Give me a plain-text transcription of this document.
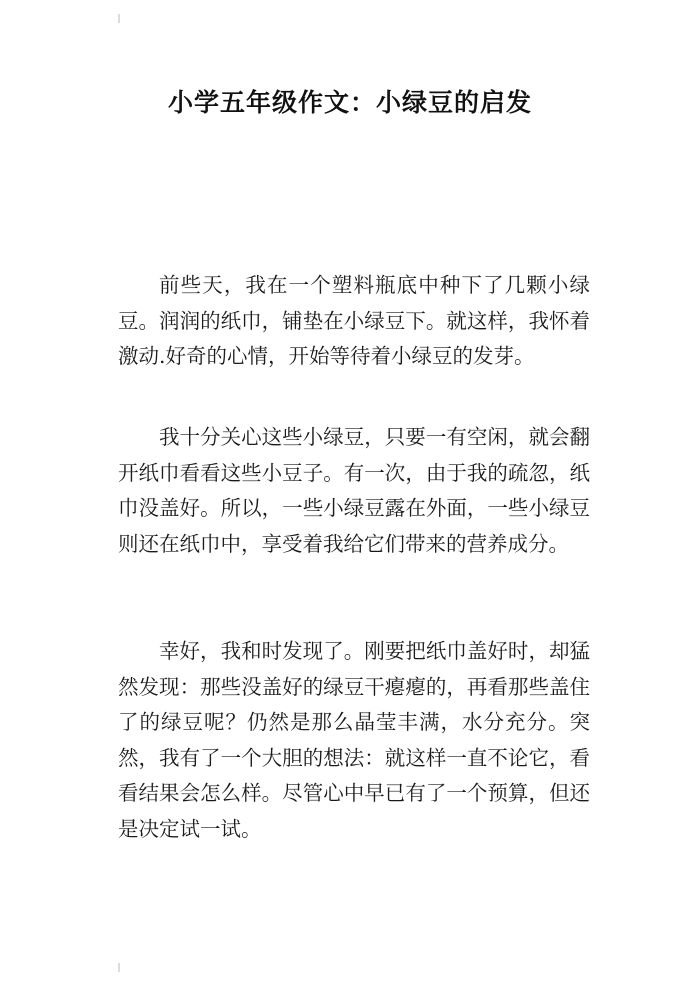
小学五年级作文：小绿豆的启发

前些天，我在一个塑料瓶底中种下了几颗小绿豆。润润的纸巾，铺垫在小绿豆下。就这样，我怀着激动.好奇的心情，开始等待着小绿豆的发芽。

我十分关心这些小绿豆，只要一有空闲，就会翻开纸巾看看这些小豆子。有一次，由于我的疏忽，纸巾没盖好。所以，一些小绿豆露在外面，一些小绿豆则还在纸巾中，享受着我给它们带来的营养成分。

幸好，我和时发现了。刚要把纸巾盖好时，却猛然发现：那些没盖好的绿豆干瘪瘪的，再看那些盖住了的绿豆呢？仍然是那么晶莹丰满，水分充分。突然，我有了一个大胆的想法：就这样一直不论它，看看结果会怎么样。尽管心中早已有了一个预算，但还是决定试一试。
